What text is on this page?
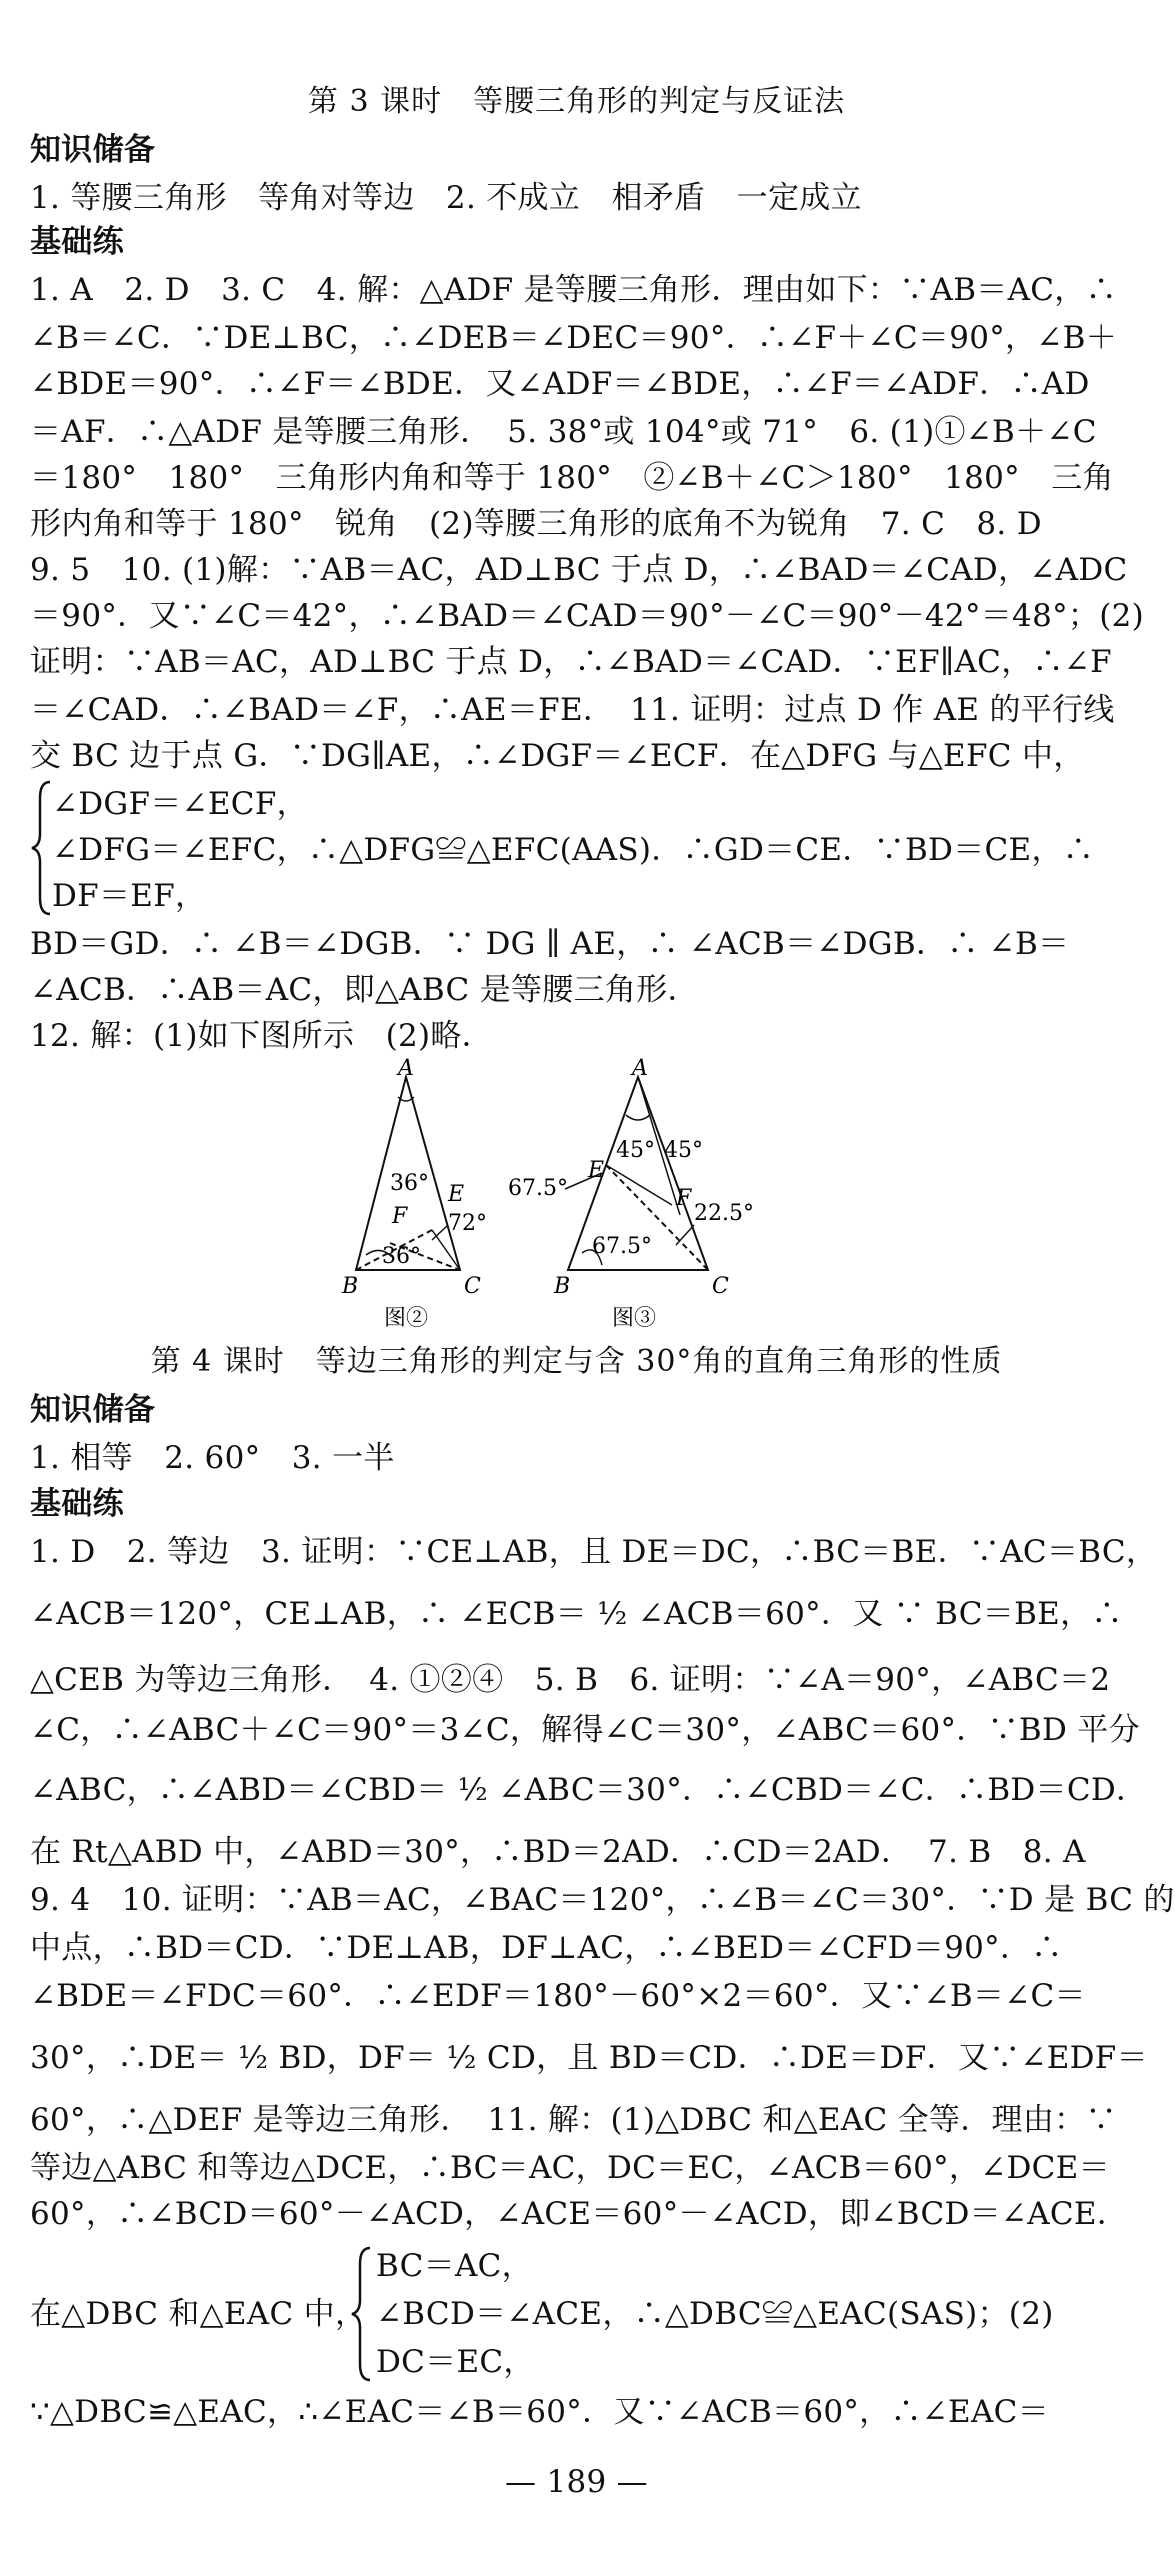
第 3 课时　等腰三角形的判定与反证法
知识储备
1. 等腰三角形　等角对等边　2. 不成立　相矛盾　一定成立
基础练
1. A　2. D　3. C　4. 解：△ADF 是等腰三角形．理由如下：∵AB＝AC，∴
∠B＝∠C．∵DE⊥BC，∴∠DEB＝∠DEC＝90°．∴∠F＋∠C＝90°，∠B＋
∠BDE＝90°．∴∠F＝∠BDE．又∠ADF＝∠BDE，∴∠F＝∠ADF．∴AD
＝AF．∴△ADF 是等腰三角形．　5. 38°或 104°或 71°　6. (1)①∠B＋∠C
＝180°　180°　三角形内角和等于 180°　②∠B＋∠C＞180°　180°　三角
形内角和等于 180°　锐角　(2)等腰三角形的底角不为锐角　7. C　8. D
9. 5　10. (1)解：∵AB＝AC，AD⊥BC 于点 D，∴∠BAD＝∠CAD，∠ADC
＝90°．又∵∠C＝42°，∴∠BAD＝∠CAD＝90°－∠C＝90°－42°＝48°；(2)
证明：∵AB＝AC，AD⊥BC 于点 D，∴∠BAD＝∠CAD．∵EF∥AC，∴∠F
＝∠CAD．∴∠BAD＝∠F，∴AE＝FE．　11. 证明：过点 D 作 AE 的平行线
交 BC 边于点 G．∵DG∥AE，∴∠DGF＝∠ECF．在△DFG 与△EFC 中，
∠DGF＝∠ECF，
∠DFG＝∠EFC，∴△DFG≌△EFC(AAS)．∴GD＝CE．∵BD＝CE，∴
DF＝EF，
BD＝GD．∴ ∠B＝∠DGB．∵ DG ∥ AE，∴ ∠ACB＝∠DGB．∴ ∠B＝
∠ACB．∴AB＝AC，即△ABC 是等腰三角形．
12. 解：(1)如下图所示　(2)略．
A
36° E
F 72°
36°
B	C
图②
A
45° 45°
E
67.5°	F
22.5°
67.5°
B	C
图③
第 4 课时　等边三角形的判定与含 30°角的直角三角形的性质
知识储备
1. 相等　2. 60°　3. 一半
基础练
1. D　2. 等边　3. 证明：∵CE⊥AB，且 DE＝DC，∴BC＝BE．∵AC＝BC，
∠ACB＝120°，CE⊥AB，∴ ∠ECB＝ ½ ∠ACB＝60°．又 ∵ BC＝BE，∴
△CEB 为等边三角形．　4. ①②④　5. B　6. 证明：∵∠A＝90°，∠ABC＝2
∠C，∴∠ABC＋∠C＝90°＝3∠C，解得∠C＝30°，∠ABC＝60°．∵BD 平分
∠ABC，∴∠ABD＝∠CBD＝ ½ ∠ABC＝30°．∴∠CBD＝∠C．∴BD＝CD．
在 Rt△ABD 中，∠ABD＝30°，∴BD＝2AD．∴CD＝2AD．　7. B　8. A
9. 4　10. 证明：∵AB＝AC，∠BAC＝120°，∴∠B＝∠C＝30°．∵D 是 BC 的
中点，∴BD＝CD．∵DE⊥AB，DF⊥AC，∴∠BED＝∠CFD＝90°．∴
∠BDE＝∠FDC＝60°．∴∠EDF＝180°－60°×2＝60°．又∵∠B＝∠C＝
30°，∴DE＝ ½ BD，DF＝ ½ CD，且 BD＝CD．∴DE＝DF．又∵∠EDF＝
60°，∴△DEF 是等边三角形．　11. 解：(1)△DBC 和△EAC 全等．理由：∵
等边△ABC 和等边△DCE，∴BC＝AC，DC＝EC，∠ACB＝60°，∠DCE＝
60°，∴∠BCD＝60°－∠ACD，∠ACE＝60°－∠ACD，即∠BCD＝∠ACE．
在△DBC 和△EAC 中，
BC＝AC，
∠BCD＝∠ACE，∴△DBC≌△EAC(SAS)；(2)
DC＝EC，
∵△DBC≌△EAC，∴∠EAC＝∠B＝60°．又∵∠ACB＝60°，∴∠EAC＝
— 189 —
